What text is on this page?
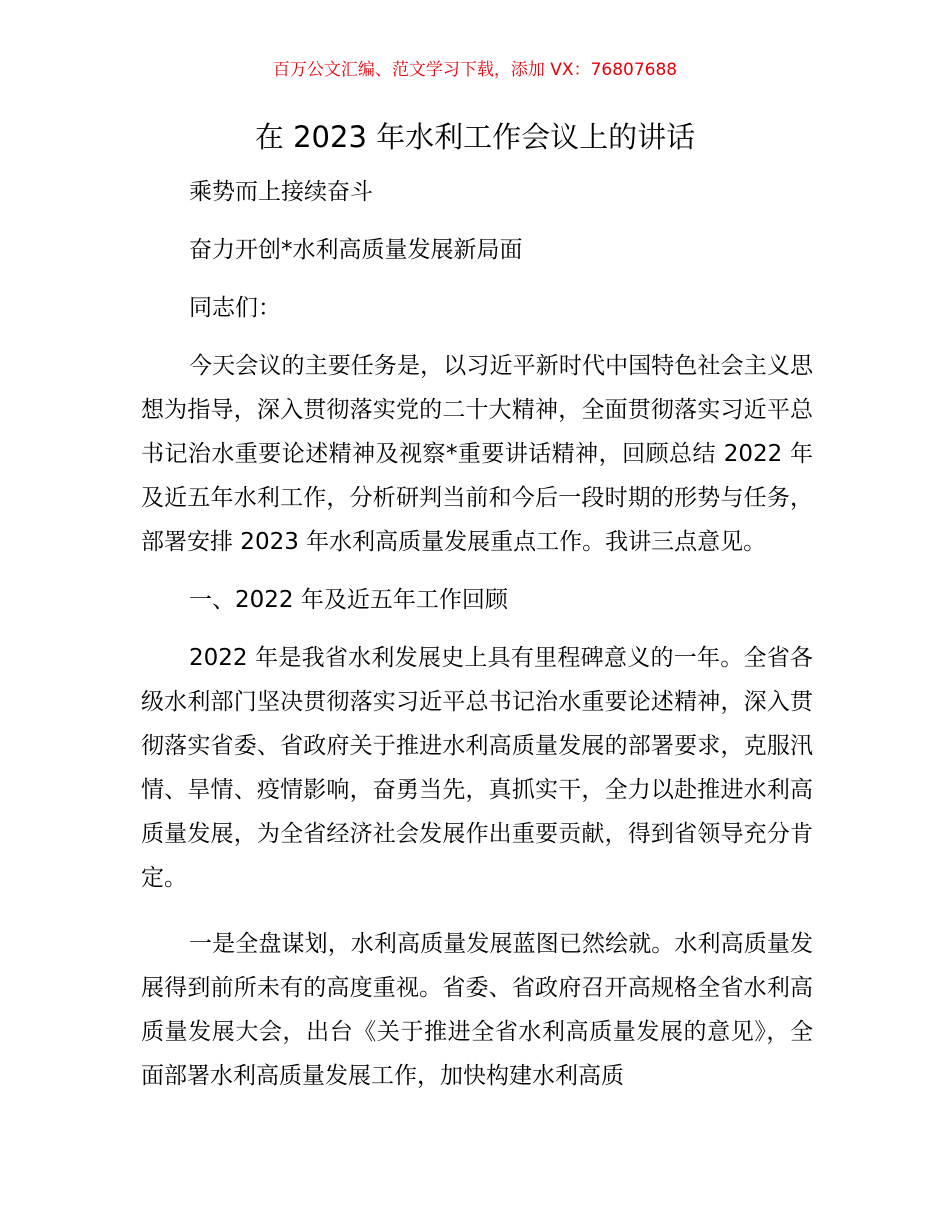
百万公文汇编、范文学习下载，添加 VX：76807688
在 2023 年水利工作会议上的讲话

乘势而上接续奋斗

奋力开创*水利高质量发展新局面

同志们：

今天会议的主要任务是，以习近平新时代中国特色社会主义思想为指导，深入贯彻落实党的二十大精神，全面贯彻落实习近平总书记治水重要论述精神及视察*重要讲话精神，回顾总结 2022 年及近五年水利工作，分析研判当前和今后一段时期的形势与任务，部署安排 2023 年水利高质量发展重点工作。我讲三点意见。

一、2022 年及近五年工作回顾

2022 年是我省水利发展史上具有里程碑意义的一年。全省各级水利部门坚决贯彻落实习近平总书记治水重要论述精神，深入贯彻落实省委、省政府关于推进水利高质量发展的部署要求，克服汛情、旱情、疫情影响，奋勇当先，真抓实干，全力以赴推进水利高质量发展，为全省经济社会发展作出重要贡献，得到省领导充分肯定。

一是全盘谋划，水利高质量发展蓝图已然绘就。水利高质量发展得到前所未有的高度重视。省委、省政府召开高规格全省水利高质量发展大会，出台《关于推进全省水利高质量发展的意见》，全面部署水利高质量发展工作，加快构建水利高质
